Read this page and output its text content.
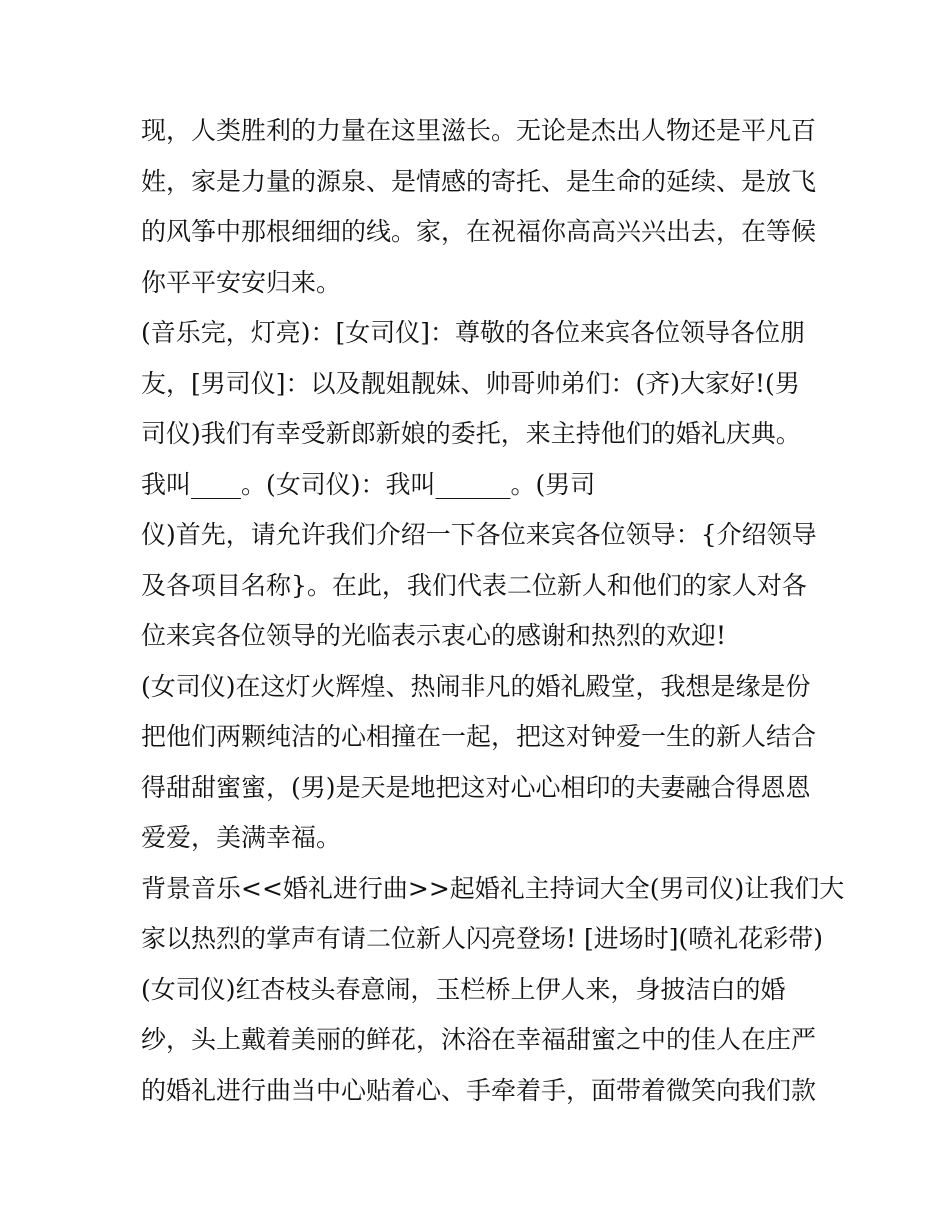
现，人类胜利的力量在这里滋长。无论是杰出人物还是平凡百
姓，家是力量的源泉、是情感的寄托、是生命的延续、是放飞
的风筝中那根细细的线。家，在祝福你高高兴兴出去，在等候
你平平安安归来。
(音乐完，灯亮)：[女司仪]：尊敬的各位来宾各位领导各位朋
友，[男司仪]：以及靓姐靓妹、帅哥帅弟们：(齐)大家好!(男
司仪)我们有幸受新郎新娘的委托，来主持他们的婚礼庆典。
我叫____。(女司仪)：我叫______。(男司
仪)首先，请允许我们介绍一下各位来宾各位领导：{介绍领导
及各项目名称}。在此，我们代表二位新人和他们的家人对各
位来宾各位领导的光临表示衷心的感谢和热烈的欢迎!
(女司仪)在这灯火辉煌、热闹非凡的婚礼殿堂，我想是缘是份
把他们两颗纯洁的心相撞在一起，把这对钟爱一生的新人结合
得甜甜蜜蜜，(男)是天是地把这对心心相印的夫妻融合得恩恩
爱爱，美满幸福。
背景音乐<<婚礼进行曲>>起婚礼主持词大全(男司仪)让我们大
家以热烈的掌声有请二位新人闪亮登场! [进场时](喷礼花彩带)
(女司仪)红杏枝头春意闹，玉栏桥上伊人来，身披洁白的婚
纱，头上戴着美丽的鲜花，沐浴在幸福甜蜜之中的佳人在庄严
的婚礼进行曲当中心贴着心、手牵着手，面带着微笑向我们款
